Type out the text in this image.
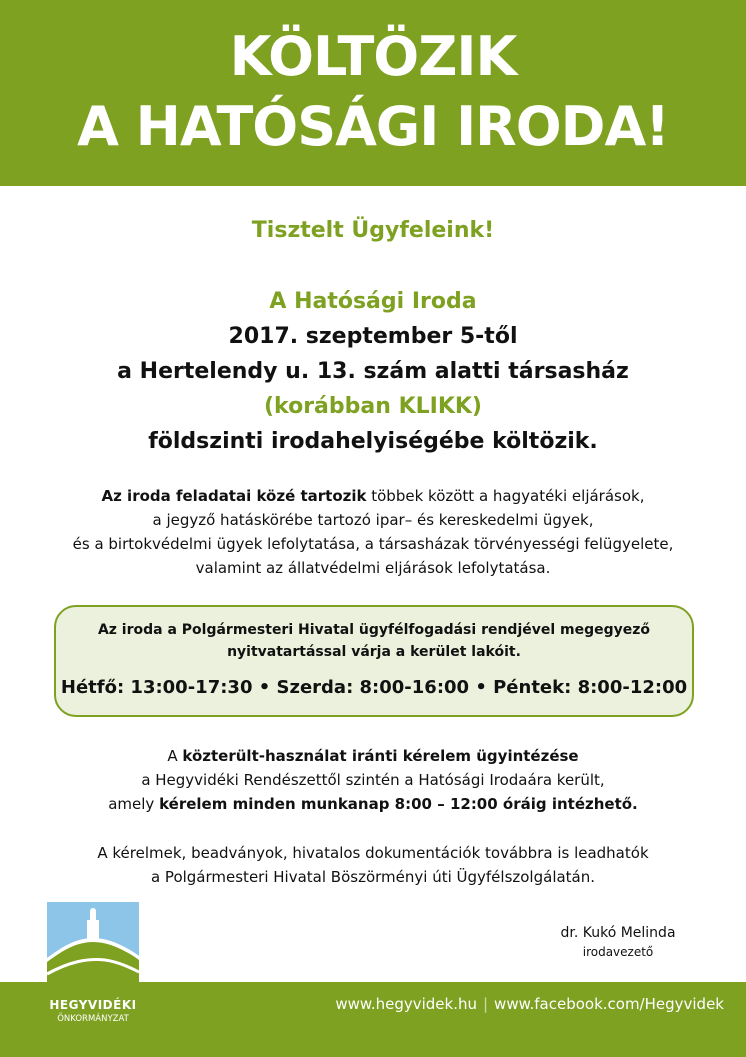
KÖLTÖZIK
A HATÓSÁGI IRODA!
Tisztelt Ügyfeleink!
A Hatósági Iroda
2017. szeptember 5-től
a Hertelendy u. 13. szám alatti társasház
(korábban KLIKK)
földszinti irodahelyiségébe költözik.
Az iroda feladatai közé tartozik többek között a hagyatéki eljárások,
a jegyző hatáskörébe tartozó ipar– és kereskedelmi ügyek,
és a birtokvédelmi ügyek lefolytatása, a társasházak törvényességi felügyelete,
valamint az állatvédelmi eljárások lefolytatása.
Az iroda a Polgármesteri Hivatal ügyfélfogadási rendjével megegyező
nyitvatartással várja a kerület lakóit.
Hétfő: 13:00-17:30 • Szerda: 8:00-16:00 • Péntek: 8:00-12:00
A közterült-használat iránti kérelem ügyintézése
a Hegyvidéki Rendészettől szintén a Hatósági Irodaára került,
amely kérelem minden munkanap 8:00 – 12:00 óráig intézhető.
A kérelmek, beadványok, hivatalos dokumentációk továbbra is leadhatók
a Polgármesteri Hivatal Böszörményi úti Ügyfélszolgálatán.
dr. Kukó Melinda
irodavezető
www.hegyvidek.hu | www.facebook.com/Hegyvidek
HEGYVIDÉKI
ÖNKORMÁNYZAT
